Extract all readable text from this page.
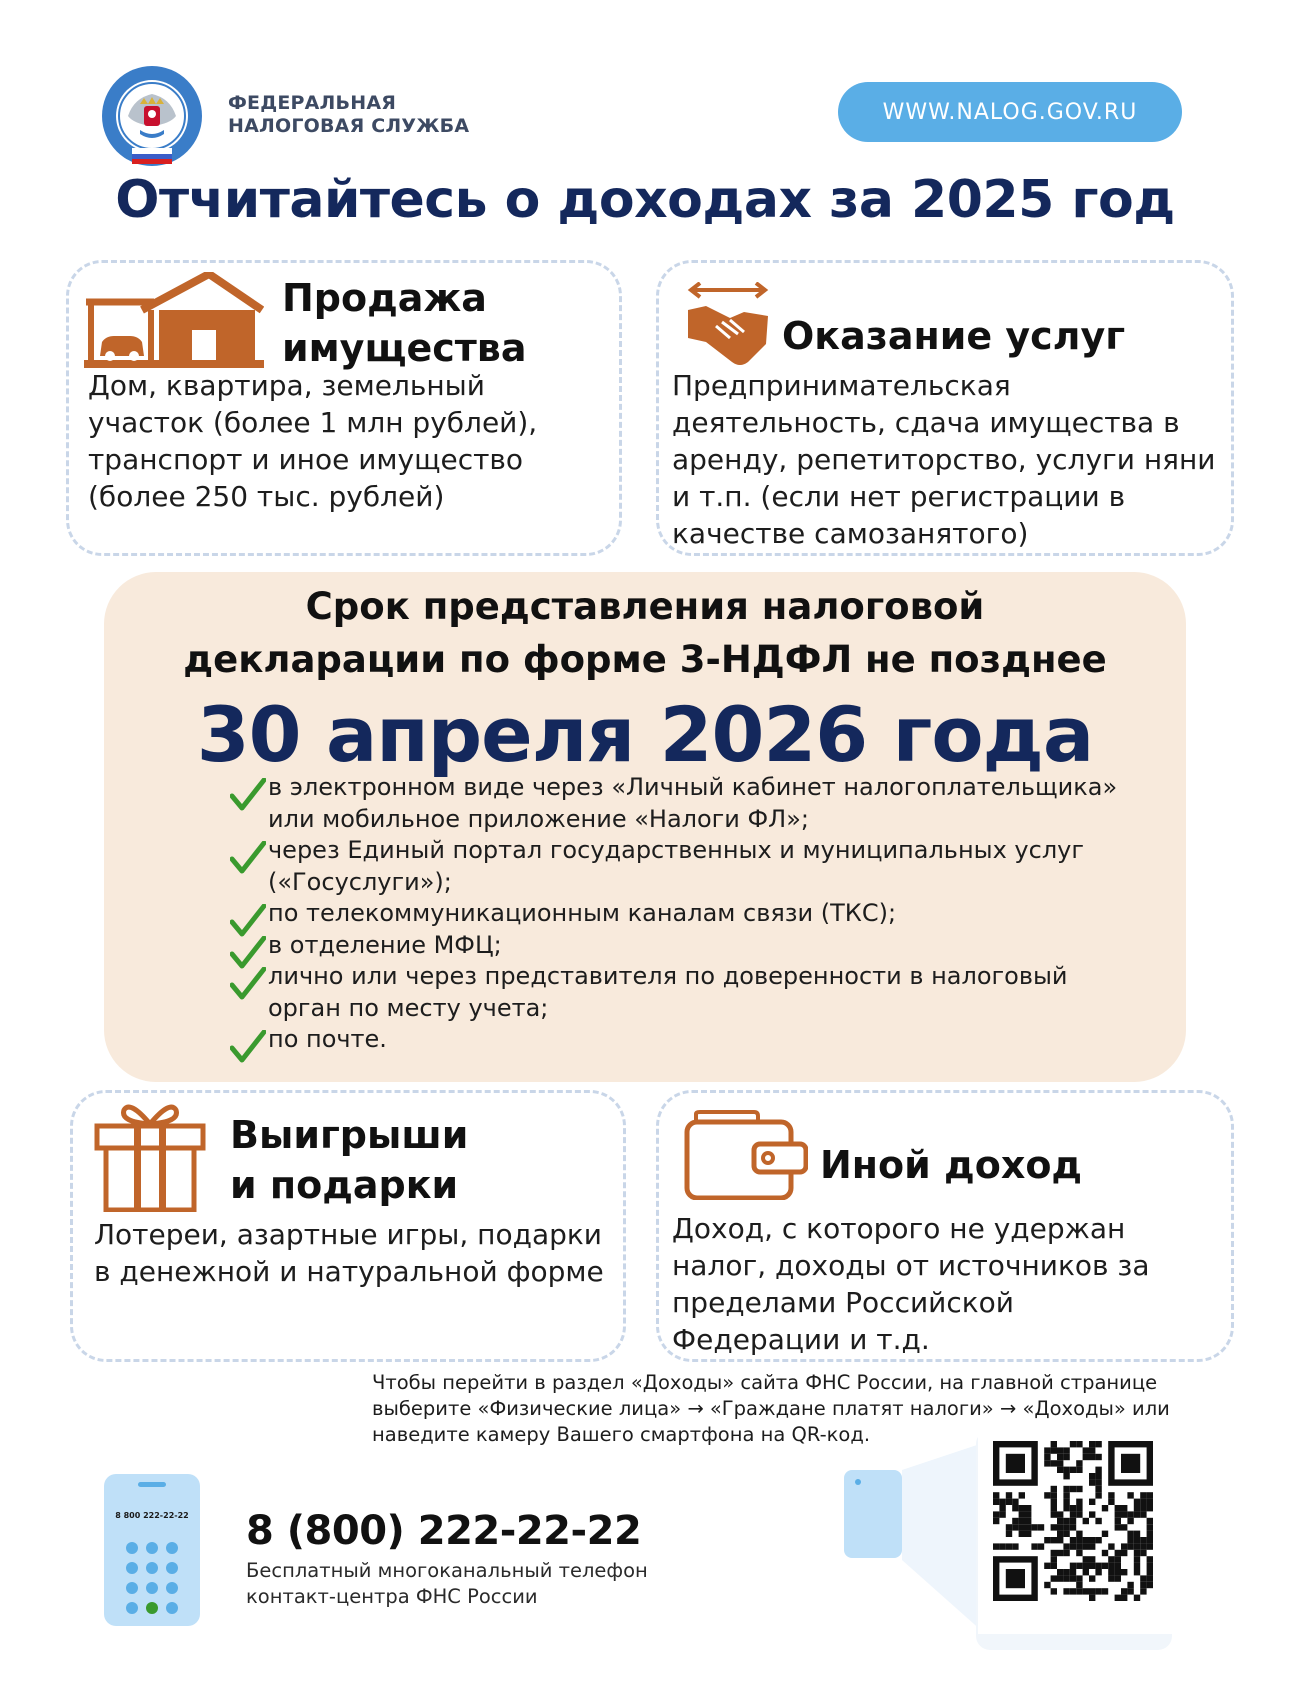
ФЕДЕРАЛЬНАЯ
НАЛОГОВАЯ СЛУЖБА
WWW.NALOG.GOV.RU
Отчитайтесь о доходах за 2025 год
Продажа
имущества
Дом, квартира, земельный
участок (более 1 млн рублей),
транспорт и иное имущество
(более 250 тыс. рублей)
Оказание услуг
Предпринимательская
деятельность, сдача имущества в
аренду, репетиторство, услуги няни
и т.п. (если нет регистрации в
качестве самозанятого)
Срок представления налоговой
декларации по форме 3-НДФЛ не позднее
30 апреля 2026 года
в электронном виде через «Личный кабинет налогоплательщика»
или мобильное приложение «Налоги ФЛ»;
через Единый портал государственных и муниципальных услуг
(«Госуслуги»);
по телекоммуникационным каналам связи (ТКС);
в отделение МФЦ;
лично или через представителя по доверенности в налоговый
орган по месту учета;
по почте.
Выигрыши
и подарки
Лотереи, азартные игры, подарки
в денежной и натуральной форме
Иной доход
Доход, с которого не удержан
налог, доходы от источников за
пределами Российской
Федерации и т.д.
Чтобы перейти в раздел «Доходы» сайта ФНС России, на главной странице
выберите «Физические лица» → «Граждане платят налоги» → «Доходы» или
наведите камеру Вашего смартфона на QR-код.
8 800 222-22-22 8 (800) 222-22-22
Бесплатный многоканальный телефон
контакт-центра ФНС России
